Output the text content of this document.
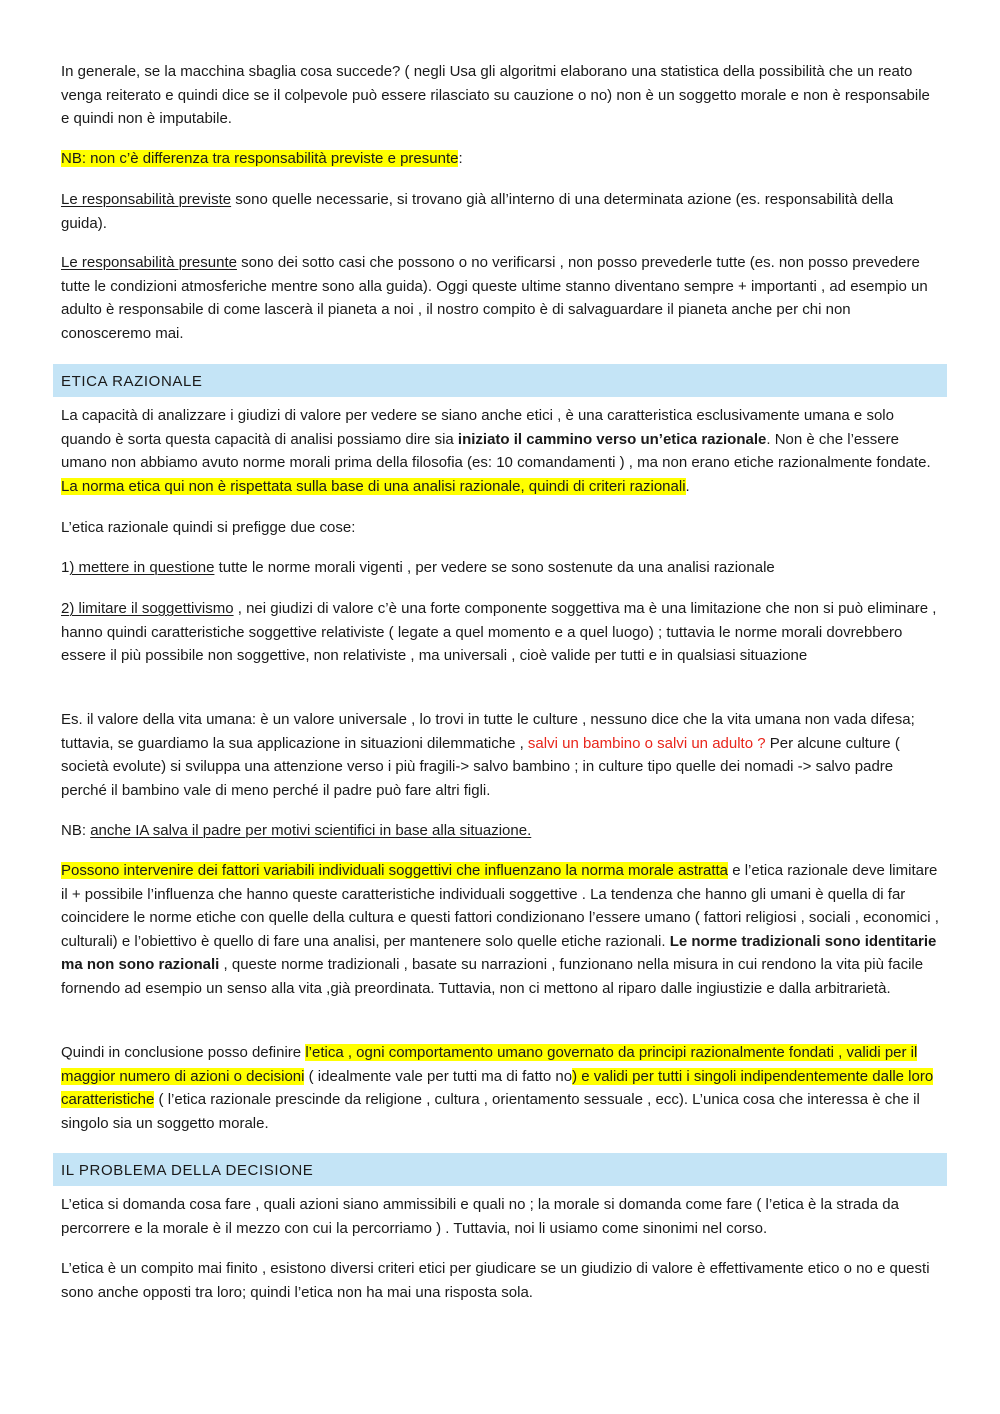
In generale, se la macchina sbaglia cosa succede? ( negli Usa gli algoritmi elaborano una statistica della possibilità che un reato venga reiterato e quindi dice se il colpevole può essere rilasciato su cauzione o no) non è un soggetto morale e non è responsabile e quindi non è imputabile.

NB: non c’è differenza tra responsabilità previste e presunte:

Le responsabilità previste sono quelle necessarie, si trovano già all’interno di una determinata azione (es. responsabilità della guida).

Le responsabilità presunte sono dei sotto casi che possono o no verificarsi , non posso prevederle tutte (es. non posso prevedere tutte le condizioni atmosferiche mentre sono alla guida). Oggi queste ultime stanno diventano sempre + importanti , ad esempio un adulto è responsabile di come lascerà il pianeta a noi , il nostro compito è di salvaguardare il pianeta anche per chi non conosceremo mai.

ETICA RAZIONALE

La capacità di analizzare i giudizi di valore per vedere se siano anche etici , è una caratteristica esclusivamente umana e solo quando è sorta questa capacità di analisi possiamo dire sia iniziato il cammino verso un’etica razionale. Non è che l’essere umano non abbiamo avuto norme morali prima della filosofia (es: 10 comandamenti ) , ma non erano etiche razionalmente fondate. La norma etica qui non è rispettata sulla base di una analisi razionale, quindi di criteri razionali.

L’etica razionale quindi si prefigge due cose:

1) mettere in questione tutte le norme morali vigenti , per vedere se sono sostenute da una analisi razionale

2) limitare il soggettivismo , nei giudizi di valore c’è una forte componente soggettiva ma è una limitazione che non si può eliminare , hanno quindi caratteristiche soggettive relativiste ( legate a quel momento e a quel luogo) ; tuttavia le norme morali dovrebbero essere il più possibile non soggettive, non relativiste , ma universali , cioè valide per tutti e in qualsiasi situazione

Es. il valore della vita umana: è un valore universale , lo trovi in tutte le culture , nessuno dice che la vita umana non vada difesa; tuttavia, se guardiamo la sua applicazione in situazioni dilemmatiche , salvi un bambino o salvi un adulto ? Per alcune culture ( società evolute) si sviluppa una attenzione verso i più fragili-> salvo bambino ; in culture tipo quelle dei nomadi -> salvo padre perché il bambino vale di meno perché il padre può fare altri figli.

NB: anche IA salva il padre per motivi scientifici in base alla situazione.

Possono intervenire dei fattori variabili individuali soggettivi che influenzano la norma morale astratta e l’etica razionale deve limitare il + possibile l’influenza che hanno queste caratteristiche individuali soggettive . La tendenza che hanno gli umani è quella di far coincidere le norme etiche con quelle della cultura e questi fattori condizionano l’essere umano ( fattori religiosi , sociali , economici , culturali) e l’obiettivo è quello di fare una analisi, per mantenere solo quelle etiche razionali. Le norme tradizionali sono identitarie ma non sono razionali , queste norme tradizionali , basate su narrazioni , funzionano nella misura in cui rendono la vita più facile fornendo ad esempio un senso alla vita ,già preordinata. Tuttavia, non ci mettono al riparo dalle ingiustizie e dalla arbitrarietà.

Quindi in conclusione posso definire l’etica , ogni comportamento umano governato da principi razionalmente fondati , validi per il maggior numero di azioni o decisioni ( idealmente vale per tutti ma di fatto no) e validi per tutti i singoli indipendentemente dalle loro caratteristiche ( l’etica razionale prescinde da religione , cultura , orientamento sessuale , ecc). L’unica cosa che interessa è che il singolo sia un soggetto morale.

IL PROBLEMA DELLA DECISIONE

L’etica si domanda cosa fare , quali azioni siano ammissibili e quali no ; la morale si domanda come fare ( l’etica è la strada da percorrere e la morale è il mezzo con cui la percorriamo ) . Tuttavia, noi li usiamo come sinonimi nel corso.

L’etica è un compito mai finito , esistono diversi criteri etici per giudicare se un giudizio di valore è effettivamente etico o no e questi sono anche opposti tra loro; quindi l’etica non ha mai una risposta sola.
